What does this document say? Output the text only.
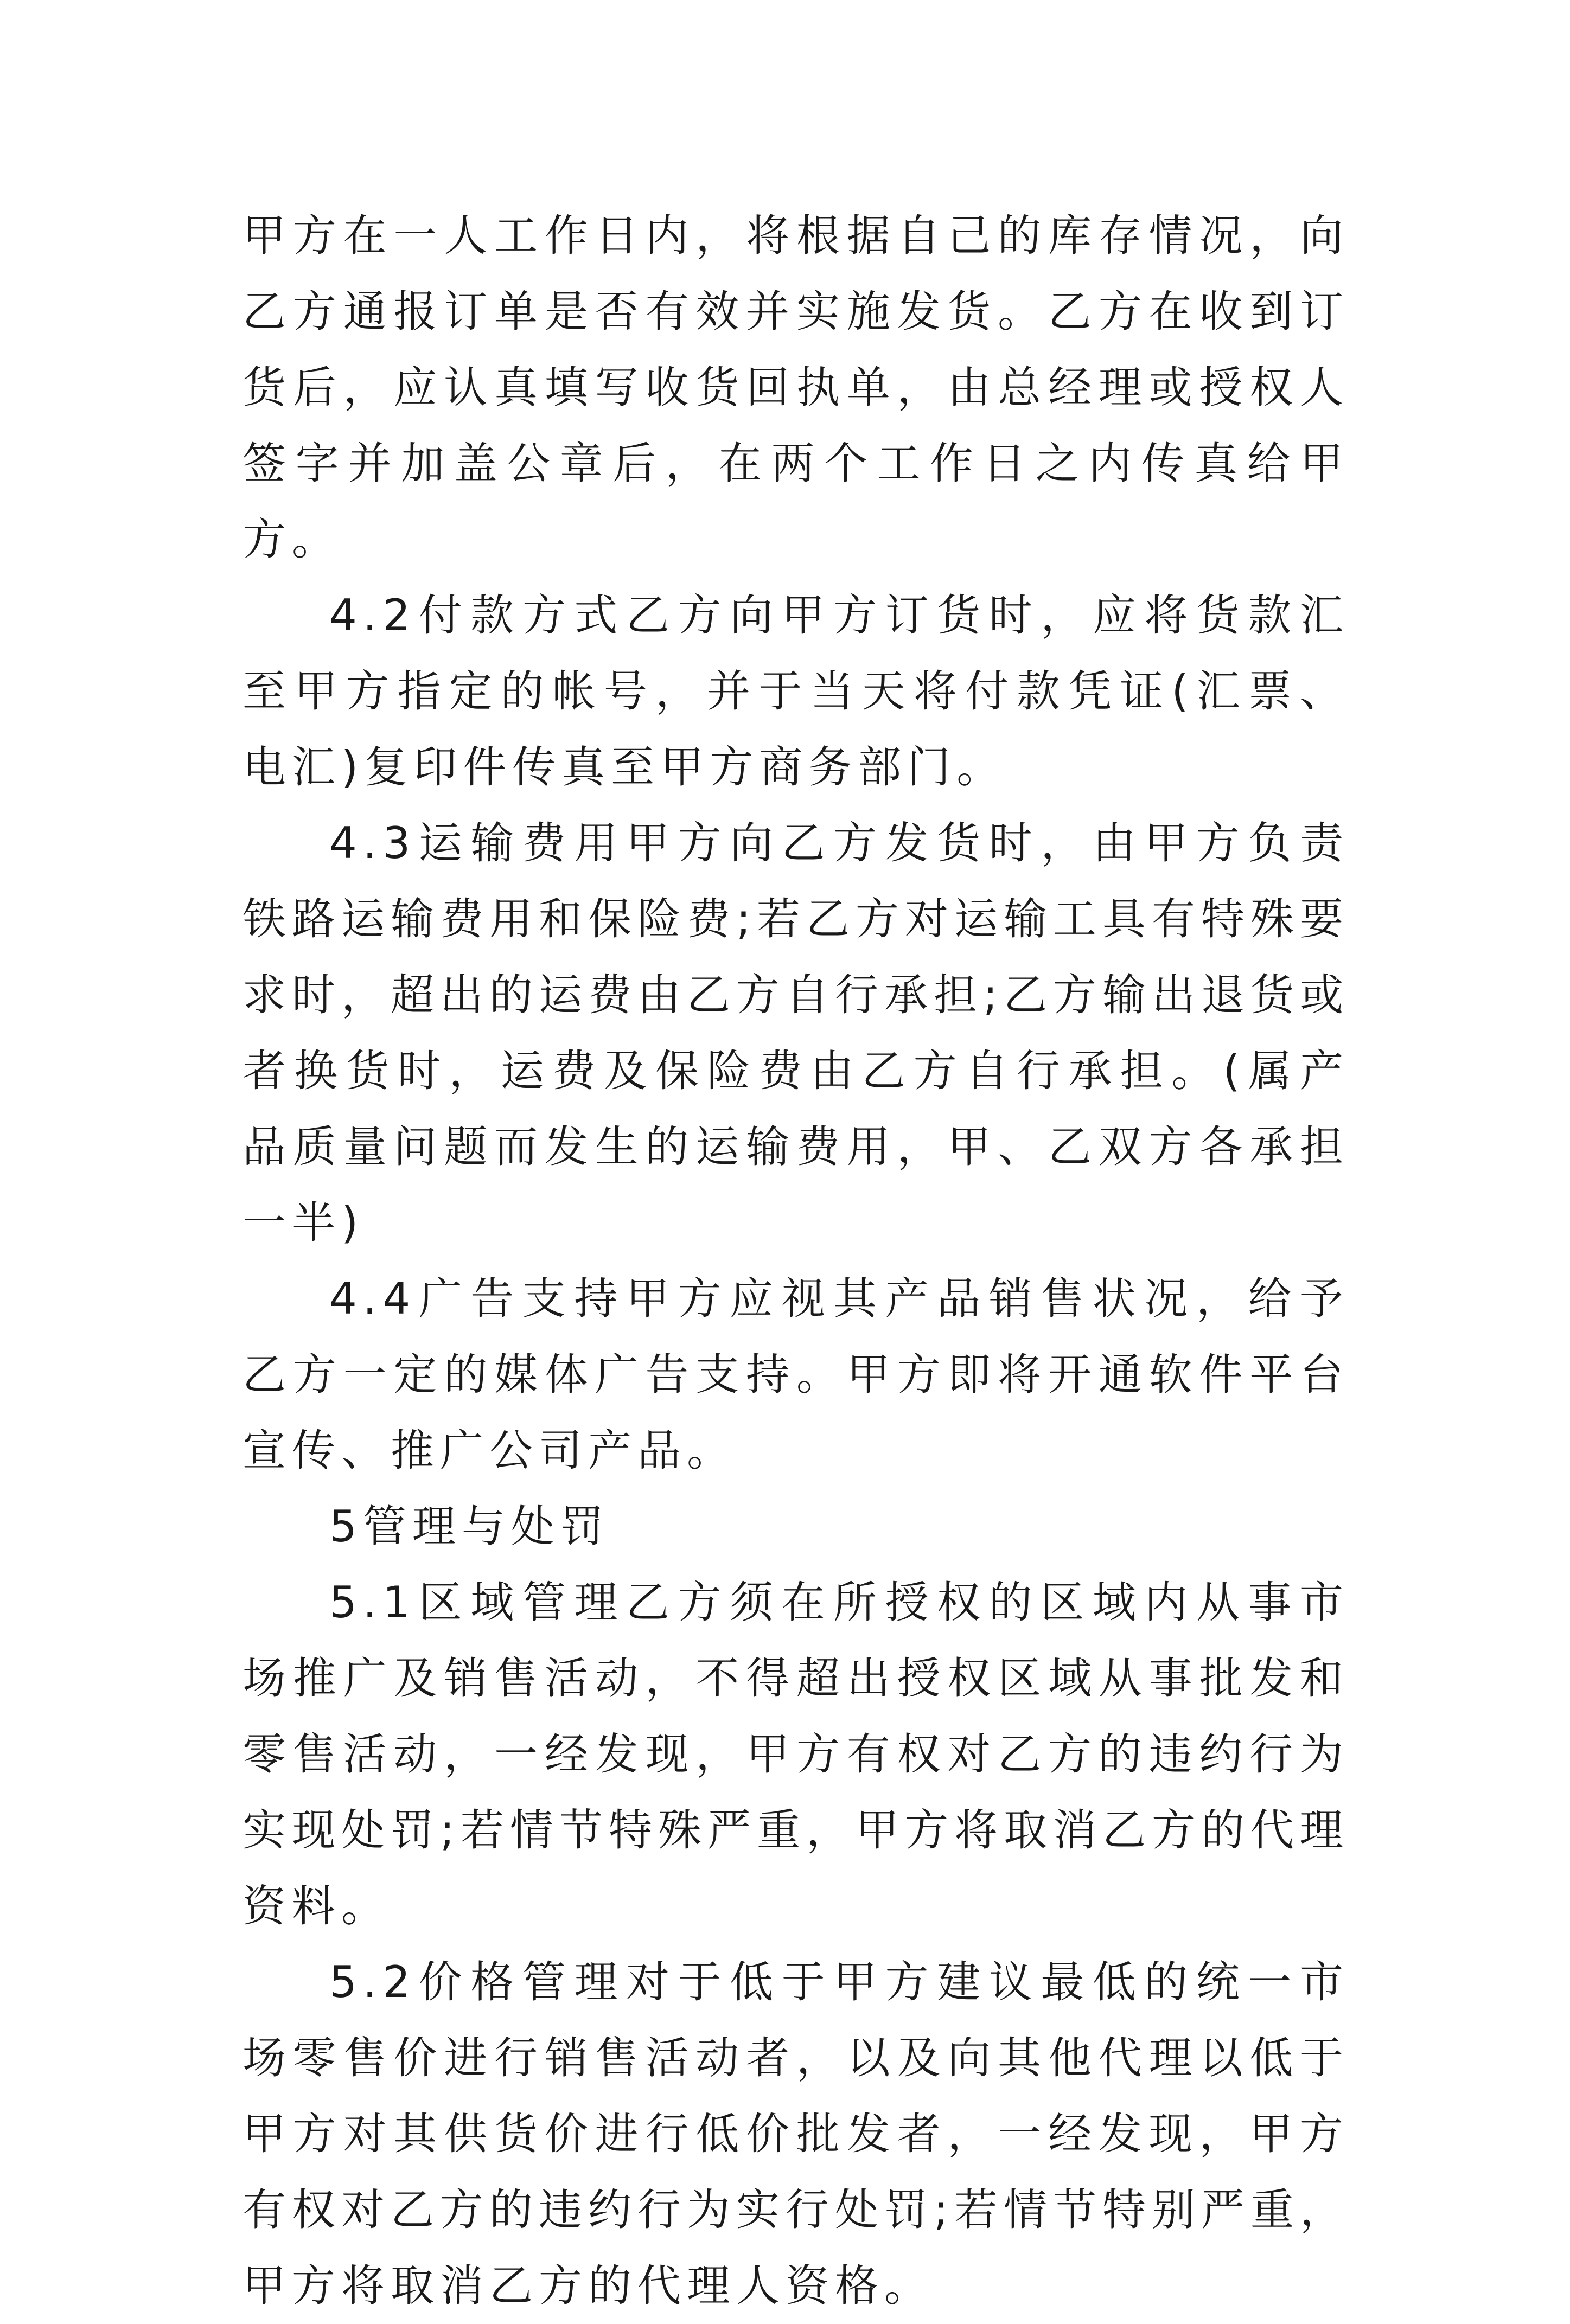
甲方在一人工作日内，将根据自己的库存情况，向乙方通报订单是否有效并实施发货。乙方在收到订货后，应认真填写收货回执单，由总经理或授权人签字并加盖公章后，在两个工作日之内传真给甲方。

4.2付款方式乙方向甲方订货时，应将货款汇至甲方指定的帐号，并于当天将付款凭证(汇票、电汇)复印件传真至甲方商务部门。

4.3运输费用甲方向乙方发货时，由甲方负责铁路运输费用和保险费;若乙方对运输工具有特殊要求时，超出的运费由乙方自行承担;乙方输出退货或者换货时，运费及保险费由乙方自行承担。(属产品质量问题而发生的运输费用，甲、乙双方各承担一半)

4.4广告支持甲方应视其产品销售状况，给予乙方一定的媒体广告支持。甲方即将开通软件平台宣传、推广公司产品。

5管理与处罚

5.1区域管理乙方须在所授权的区域内从事市场推广及销售活动，不得超出授权区域从事批发和零售活动，一经发现，甲方有权对乙方的违约行为实现处罚;若情节特殊严重，甲方将取消乙方的代理资料。

5.2价格管理对于低于甲方建议最低的统一市场零售价进行销售活动者，以及向其他代理以低于甲方对其供货价进行低价批发者，一经发现，甲方有权对乙方的违约行为实行处罚;若情节特别严重，甲方将取消乙方的代理人资格。
